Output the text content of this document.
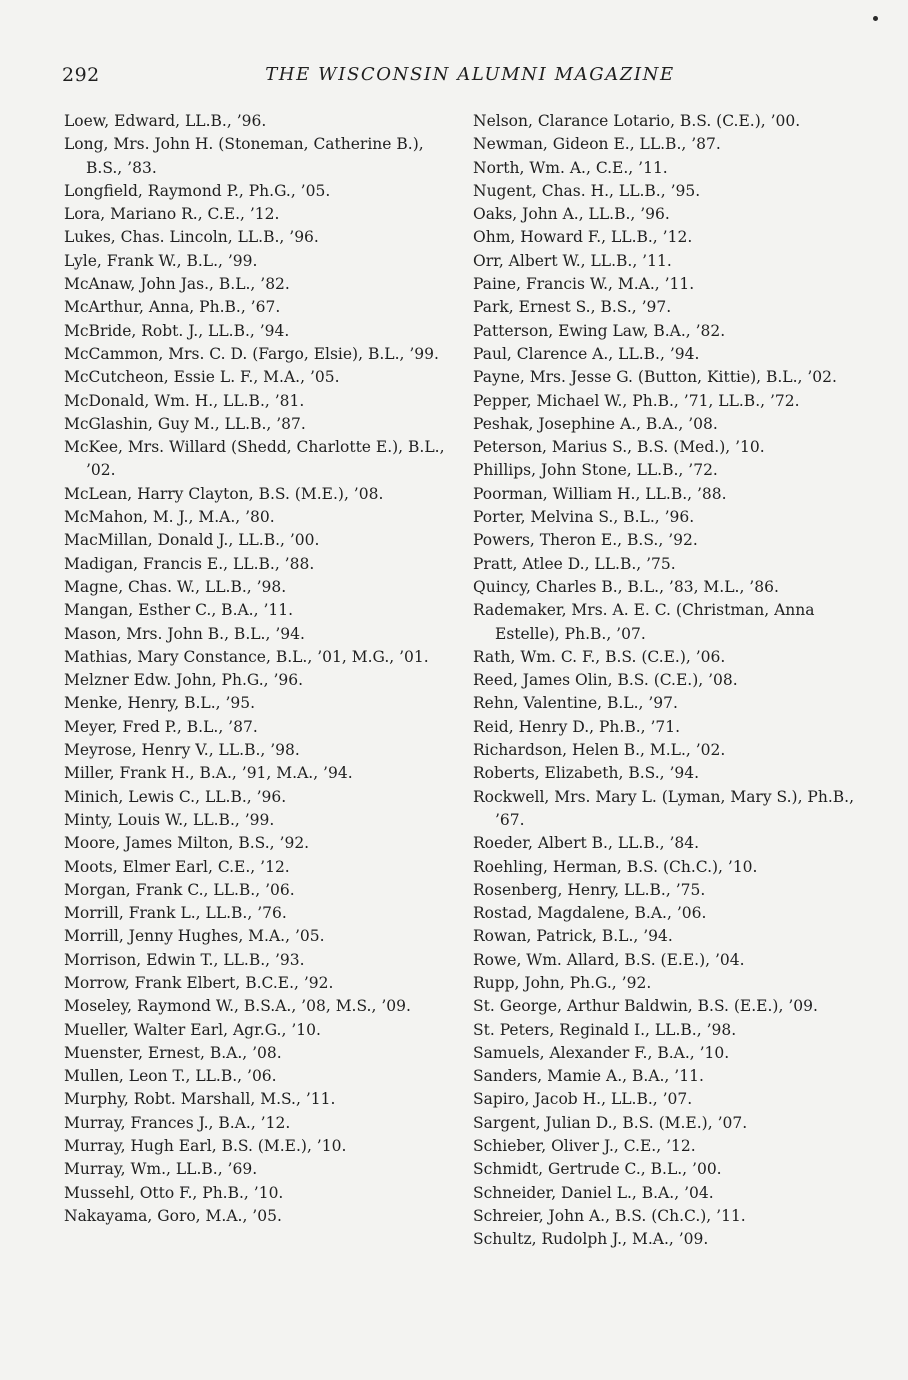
292	THE WISCONSIN ALUMNI MAGAZINE
Loew, Edward, LL.B., ’96.
Long, Mrs. John H. (Stoneman, Catherine B.), B.S., ’83.
Longfield, Raymond P., Ph.G., ’05.
Lora, Mariano R., C.E., ’12.
Lukes, Chas. Lincoln, LL.B., ’96.
Lyle, Frank W., B.L., ’99.
McAnaw, John Jas., B.L., ’82.
McArthur, Anna, Ph.B., ’67.
McBride, Robt. J., LL.B., ’94.
McCammon, Mrs. C. D. (Fargo, Elsie), B.L., ’99.
McCutcheon, Essie L. F., M.A., ’05.
McDonald, Wm. H., LL.B., ’81.
McGlashin, Guy M., LL.B., ’87.
McKee, Mrs. Willard (Shedd, Charlotte E.), B.L., ’02.
McLean, Harry Clayton, B.S. (M.E.), ’08.
McMahon, M. J., M.A., ’80.
MacMillan, Donald J., LL.B., ’00.
Madigan, Francis E., LL.B., ’88.
Magne, Chas. W., LL.B., ’98.
Mangan, Esther C., B.A., ’11.
Mason, Mrs. John B., B.L., ’94.
Mathias, Mary Constance, B.L., ’01, M.G., ’01.
Melzner Edw. John, Ph.G., ’96.
Menke, Henry, B.L., ’95.
Meyer, Fred P., B.L., ’87.
Meyrose, Henry V., LL.B., ’98.
Miller, Frank H., B.A., ’91, M.A., ’94.
Minich, Lewis C., LL.B., ’96.
Minty, Louis W., LL.B., ’99.
Moore, James Milton, B.S., ’92.
Moots, Elmer Earl, C.E., ’12.
Morgan, Frank C., LL.B., ’06.
Morrill, Frank L., LL.B., ’76.
Morrill, Jenny Hughes, M.A., ’05.
Morrison, Edwin T., LL.B., ’93.
Morrow, Frank Elbert, B.C.E., ’92.
Moseley, Raymond W., B.S.A., ’08, M.S., ’09.
Mueller, Walter Earl, Agr.G., ’10.
Muenster, Ernest, B.A., ’08.
Mullen, Leon T., LL.B., ’06.
Murphy, Robt. Marshall, M.S., ’11.
Murray, Frances J., B.A., ’12.
Murray, Hugh Earl, B.S. (M.E.), ’10.
Murray, Wm., LL.B., ’69.
Mussehl, Otto F., Ph.B., ’10.
Nakayama, Goro, M.A., ’05.
Nelson, Clarance Lotario, B.S. (C.E.), ’00.
Newman, Gideon E., LL.B., ’87.
North, Wm. A., C.E., ’11.
Nugent, Chas. H., LL.B., ’95.
Oaks, John A., LL.B., ’96.
Ohm, Howard F., LL.B., ’12.
Orr, Albert W., LL.B., ’11.
Paine, Francis W., M.A., ’11.
Park, Ernest S., B.S., ’97.
Patterson, Ewing Law, B.A., ’82.
Paul, Clarence A., LL.B., ’94.
Payne, Mrs. Jesse G. (Button, Kittie), B.L., ’02.
Pepper, Michael W., Ph.B., ’71, LL.B., ’72.
Peshak, Josephine A., B.A., ’08.
Peterson, Marius S., B.S. (Med.), ’10.
Phillips, John Stone, LL.B., ’72.
Poorman, William H., LL.B., ’88.
Porter, Melvina S., B.L., ’96.
Powers, Theron E., B.S., ’92.
Pratt, Atlee D., LL.B., ’75.
Quincy, Charles B., B.L., ’83, M.L., ’86.
Rademaker, Mrs. A. E. C. (Christman, Anna Estelle), Ph.B., ’07.
Rath, Wm. C. F., B.S. (C.E.), ’06.
Reed, James Olin, B.S. (C.E.), ’08.
Rehn, Valentine, B.L., ’97.
Reid, Henry D., Ph.B., ’71.
Richardson, Helen B., M.L., ’02.
Roberts, Elizabeth, B.S., ’94.
Rockwell, Mrs. Mary L. (Lyman, Mary S.), Ph.B., ’67.
Roeder, Albert B., LL.B., ’84.
Roehling, Herman, B.S. (Ch.C.), ’10.
Rosenberg, Henry, LL.B., ’75.
Rostad, Magdalene, B.A., ’06.
Rowan, Patrick, B.L., ’94.
Rowe, Wm. Allard, B.S. (E.E.), ’04.
Rupp, John, Ph.G., ’92.
St. George, Arthur Baldwin, B.S. (E.E.), ’09.
St. Peters, Reginald I., LL.B., ’98.
Samuels, Alexander F., B.A., ’10.
Sanders, Mamie A., B.A., ’11.
Sapiro, Jacob H., LL.B., ’07.
Sargent, Julian D., B.S. (M.E.), ’07.
Schieber, Oliver J., C.E., ’12.
Schmidt, Gertrude C., B.L., ’00.
Schneider, Daniel L., B.A., ’04.
Schreier, John A., B.S. (Ch.C.), ’11.
Schultz, Rudolph J., M.A., ’09.
